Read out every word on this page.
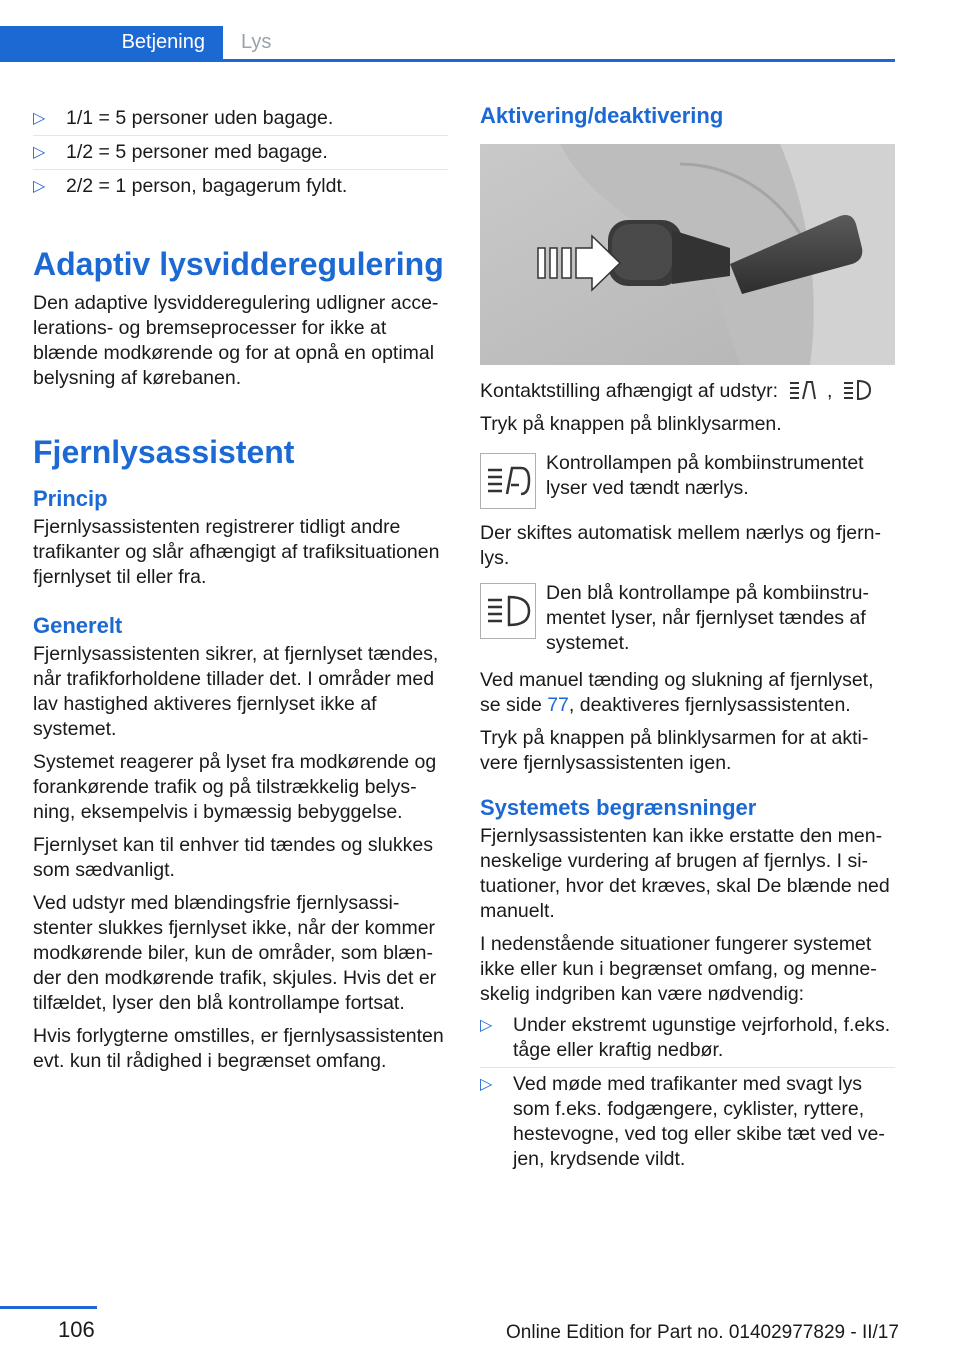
Betjening	Lys
▷ 1/1 = 5 personer uden bagage.
▷ 1/2 = 5 personer med bagage.
▷ 2/2 = 1 person, bagagerum fyldt.
Adaptiv lysvidderegulering

Den adaptive lysvidderegulering udligner accelerations- og bremseprocesser for ikke at blænde modkørende og for at opnå en optimal belysning af kørebanen.

Fjernlysassistent
Princip

Fjernlysassistenten registrerer tidligt andre trafikanter og slår afhængigt af trafiksituationen fjernlyset til eller fra.

Generelt

Fjernlysassistenten sikrer, at fjernlyset tændes, når trafikforholdene tillader det. I områder med lav hastighed aktiveres fjernlyset ikke af systemet.

Systemet reagerer på lyset fra modkørende og forankørende trafik og på tilstrækkelig belysning, eksempelvis i bymæssig bebyggelse.

Fjernlyset kan til enhver tid tændes og slukkes som sædvanligt.

Ved udstyr med blændingsfrie fjernlysassistenter slukkes fjernlyset ikke, når der kommer modkørende biler, kun de områder, som blænder den modkørende trafik, skjules. Hvis det er tilfældet, lyser den blå kontrollampe fortsat.

Hvis forlygterne omstilles, er fjernlysassistenten evt. kun til rådighed i begrænset omfang.

Aktivering/deaktivering

Kontaktstilling afhængigt af udstyr:	,

Tryk på knappen på blinklysarmen.

Kontrollampen på kombiinstrumentet lyser ved tændt nærlys.

Der skiftes automatisk mellem nærlys og fjernlys.

Den blå kontrollampe på kombiinstrumentet lyser, når fjernlyset tændes af systemet.

Ved manuel tænding og slukning af fjernlyset, se side 77, deaktiveres fjernlysassistenten.

Tryk på knappen på blinklysarmen for at aktivere fjernlysassistenten igen.

Systemets begrænsninger

Fjernlysassistenten kan ikke erstatte den menneskelige vurdering af brugen af fjernlys. I situationer, hvor det kræves, skal De blænde ned manuelt.

I nedenstående situationer fungerer systemet ikke eller kun i begrænset omfang, og menneskelig indgriben kan være nødvendig:

▷ Under ekstremt ugunstige vejrforhold, f.eks. tåge eller kraftig nedbør.
▷ Ved møde med trafikanter med svagt lys som f.eks. fodgængere, cyklister, ryttere, hestevogne, ved tog eller skibe tæt ved vejen, krydsende vildt.
106	Online Edition for Part no. 01402977829 - II/17
